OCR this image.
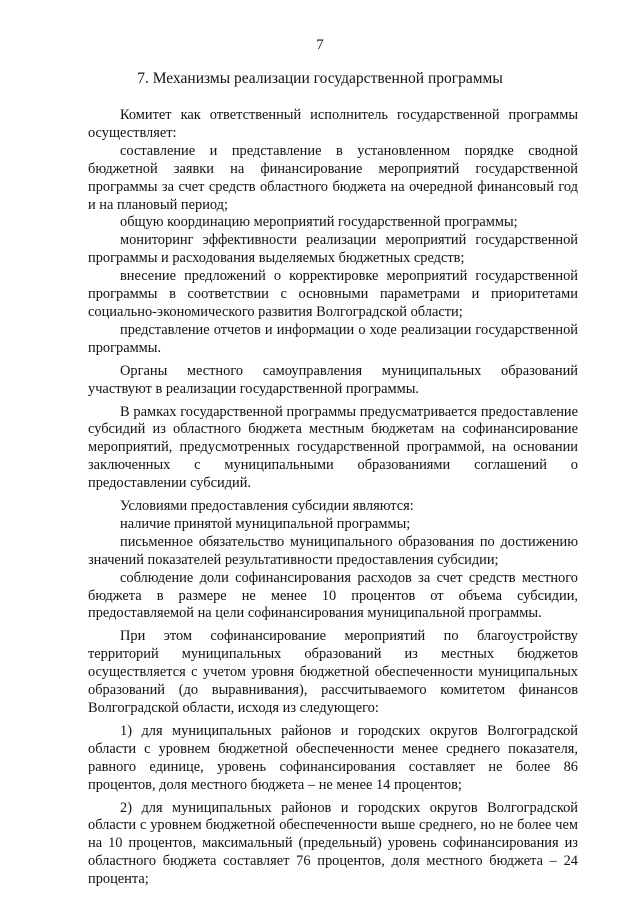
7
7. Механизмы реализации государственной программы

Комитет как ответственный исполнитель государственной программы осуществляет:

составление и представление в установленном порядке сводной бюджетной заявки на финансирование мероприятий государственной программы за счет средств областного бюджета на очередной финансовый год и на плановый период;

общую координацию мероприятий государственной программы;

мониторинг эффективности реализации мероприятий государственной программы и расходования выделяемых бюджетных средств;

внесение предложений о корректировке мероприятий государственной программы в соответствии с основными параметрами и приоритетами социально-экономического развития Волгоградской области;

представление отчетов и информации о ходе реализации государственной программы.

Органы местного самоуправления муниципальных образований участвуют в реализации государственной программы.

В рамках государственной программы предусматривается предоставление субсидий из областного бюджета местным бюджетам на софинансирование мероприятий, предусмотренных государственной программой, на основании заключенных с муниципальными образованиями соглашений о предоставлении субсидий.

Условиями предоставления субсидии являются:

наличие принятой муниципальной программы;

письменное обязательство муниципального образования по достижению значений показателей результативности предоставления субсидии;

соблюдение доли софинансирования расходов за счет средств местного бюджета в размере не менее 10 процентов от объема субсидии, предоставляемой на цели софинансирования муниципальной программы.

При этом софинансирование мероприятий по благоустройству территорий муниципальных образований из местных бюджетов осуществляется с учетом уровня бюджетной обеспеченности муниципальных образований (до выравнивания), рассчитываемого комитетом финансов Волгоградской области, исходя из следующего:

1) для муниципальных районов и городских округов Волгоградской области с уровнем бюджетной обеспеченности менее среднего показателя, равного единице, уровень софинансирования составляет не более 86 процентов, доля местного бюджета – не менее 14 процентов;

2) для муниципальных районов и городских округов Волгоградской области с уровнем бюджетной обеспеченности выше среднего, но не более чем на 10 процентов, максимальный (предельный) уровень софинансирования из областного бюджета составляет 76 процентов, доля местного бюджета – 24 процента;
